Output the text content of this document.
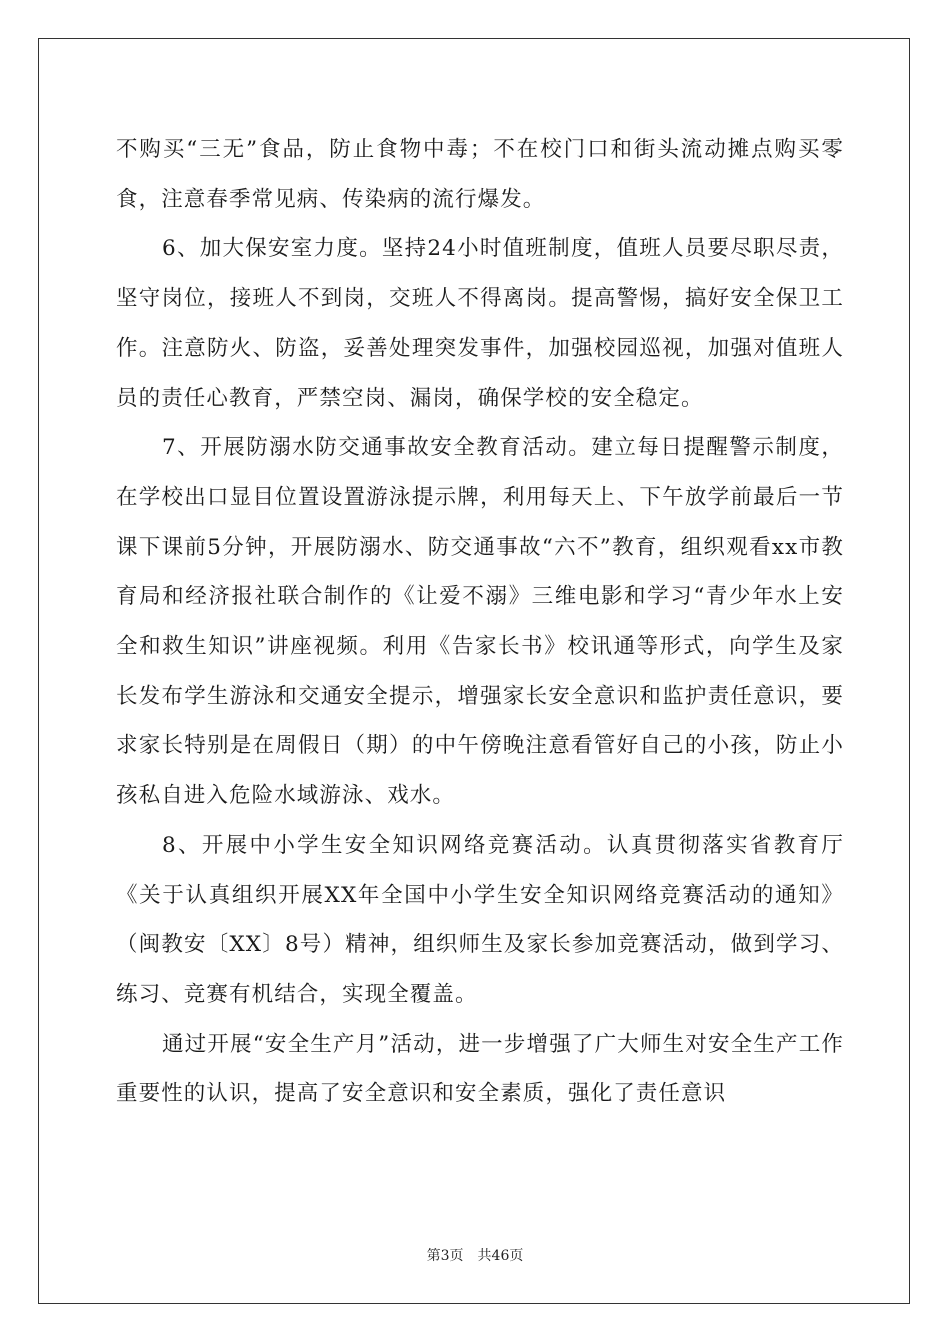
不购买“三无”食品，防止食物中毒；不在校门口和街头流动摊点购买零食，注意春季常见病、传染病的流行爆发。

6、加大保安室力度。坚持24小时值班制度，值班人员要尽职尽责，坚守岗位，接班人不到岗，交班人不得离岗。提高警惕，搞好安全保卫工作。注意防火、防盗，妥善处理突发事件，加强校园巡视，加强对值班人员的责任心教育，严禁空岗、漏岗，确保学校的安全稳定。

7、开展防溺水防交通事故安全教育活动。建立每日提醒警示制度，在学校出口显目位置设置游泳提示牌，利用每天上、下午放学前最后一节课下课前5分钟，开展防溺水、防交通事故“六不”教育，组织观看xx市教育局和经济报社联合制作的《让爱不溺》三维电影和学习“青少年水上安全和救生知识”讲座视频。利用《告家长书》校讯通等形式，向学生及家长发布学生游泳和交通安全提示，增强家长安全意识和监护责任意识，要求家长特别是在周假日（期）的中午傍晚注意看管好自己的小孩，防止小孩私自进入危险水域游泳、戏水。

8、开展中小学生安全知识网络竞赛活动。认真贯彻落实省教育厅《关于认真组织开展XX年全国中小学生安全知识网络竞赛活动的通知》（闽教安〔XX〕8号）精神，组织师生及家长参加竞赛活动，做到学习、练习、竞赛有机结合，实现全覆盖。

通过开展“安全生产月”活动，进一步增强了广大师生对安全生产工作重要性的认识，提高了安全意识和安全素质，强化了责任意识

第3页 共46页
